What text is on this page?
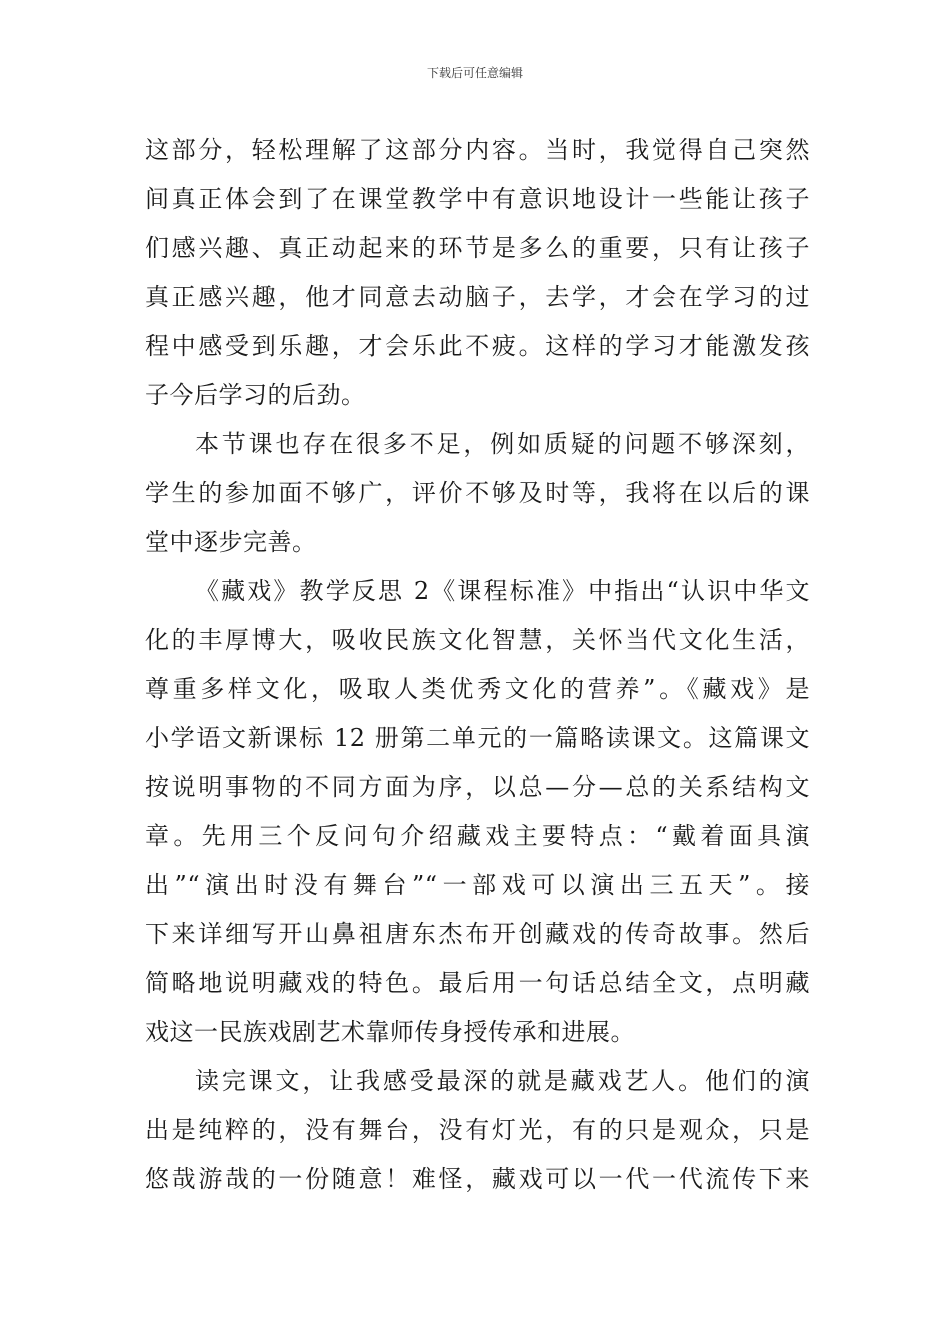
下载后可任意编辑
这部分，轻松理解了这部分内容。当时，我觉得自己突然
间真正体会到了在课堂教学中有意识地设计一些能让孩子
们感兴趣、真正动起来的环节是多么的重要，只有让孩子
真正感兴趣，他才同意去动脑子，去学，才会在学习的过
程中感受到乐趣，才会乐此不疲。这样的学习才能激发孩
子今后学习的后劲。
本节课也存在很多不足，例如质疑的问题不够深刻，
学生的参加面不够广，评价不够及时等，我将在以后的课
堂中逐步完善。
《藏戏》教学反思 2《课程标准》中指出“认识中华文
化的丰厚博大，吸收民族文化智慧，关怀当代文化生活，
尊重多样文化，吸取人类优秀文化的营养”。《藏戏》是
小学语文新课标 12 册第二单元的一篇略读课文。这篇课文
按说明事物的不同方面为序，以总—分—总的关系结构文
章。先用三个反问句介绍藏戏主要特点：“戴着面具演
出”“演出时没有舞台”“一部戏可以演出三五天”。接
下来详细写开山鼻祖唐东杰布开创藏戏的传奇故事。然后
简略地说明藏戏的特色。最后用一句话总结全文，点明藏
戏这一民族戏剧艺术靠师传身授传承和进展。
读完课文，让我感受最深的就是藏戏艺人。他们的演
出是纯粹的，没有舞台，没有灯光，有的只是观众，只是
悠哉游哉的一份随意！难怪，藏戏可以一代一代流传下来
